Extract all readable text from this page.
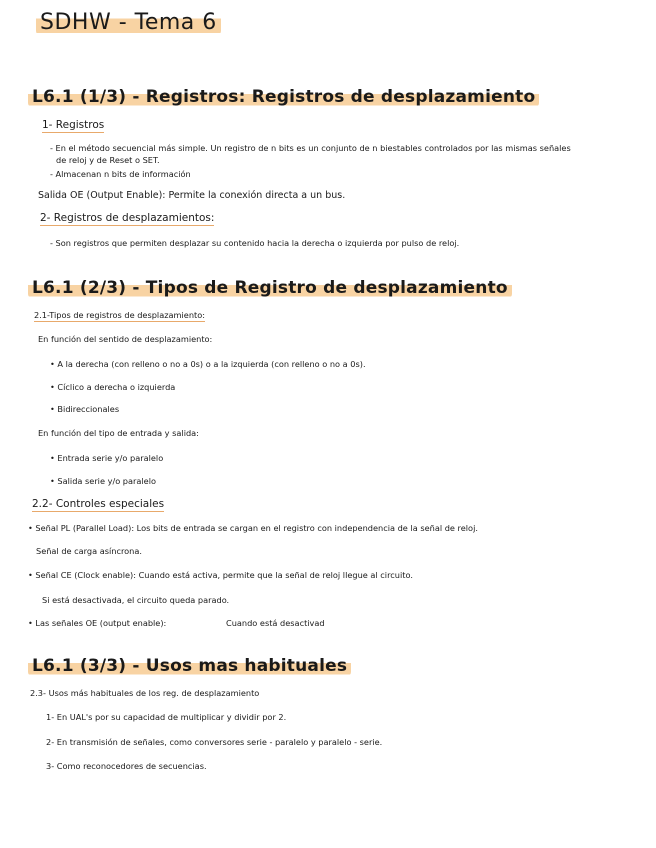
SDHW - Tema 6
L6.1 (1/3) - Registros: Registros de desplazamiento
1- Registros
- En el método secuencial más simple. Un registro de n bits es un conjunto de n biestables controlados por las mismas señales
de reloj y de Reset o SET.
- Almacenan n bits de información
Salida OE (Output Enable): Permite la conexión directa a un bus.
2- Registros de desplazamientos:
- Son registros que permiten desplazar su contenido hacia la derecha o izquierda por pulso de reloj.
L6.1 (2/3) - Tipos de Registro de desplazamiento
2.1-Tipos de registros de desplazamiento:
En función del sentido de desplazamiento:
• A la derecha (con relleno o no a 0s) o a la izquierda (con relleno o no a 0s).
• Cíclico a derecha o izquierda
• Bidireccionales
En función del tipo de entrada y salida:
• Entrada serie y/o paralelo
• Salida serie y/o paralelo
2.2- Controles especiales
• Señal PL (Parallel Load): Los bits de entrada se cargan en el registro con independencia de la señal de reloj.
Señal de carga asíncrona.
• Señal CE (Clock enable): Cuando está activa, permite que la señal de reloj llegue al circuito.
Si está desactivada, el circuito queda parado.
• Las señales OE (output enable):	Cuando está desactivad
L6.1 (3/3) - Usos mas habituales
2.3- Usos más habituales de los reg. de desplazamiento
1- En UAL's por su capacidad de multiplicar y dividir por 2.
2- En transmisión de señales, como conversores serie - paralelo y paralelo - serie.
3- Como reconocedores de secuencias.
